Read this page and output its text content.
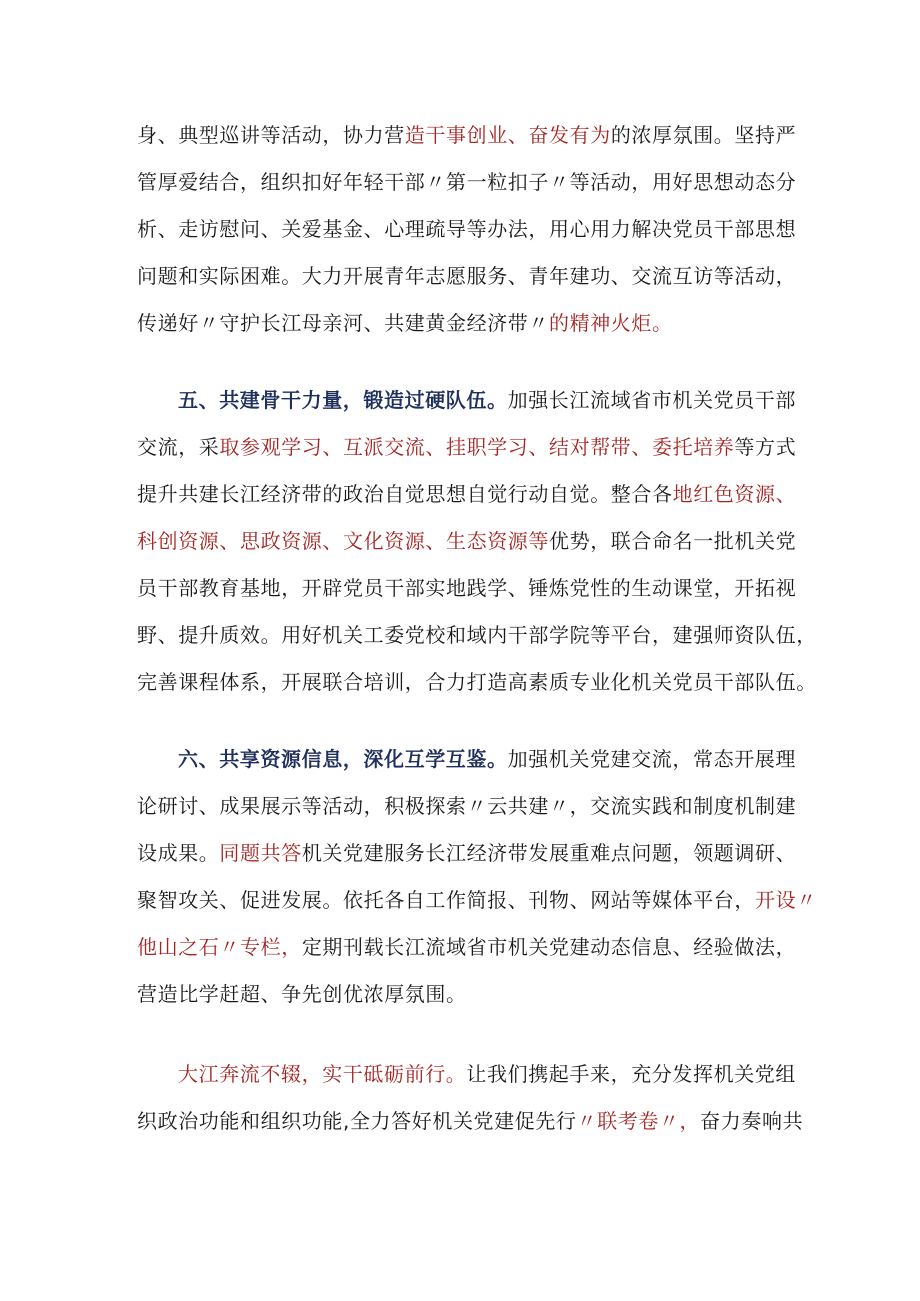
身、典型巡讲等活动，协力营造干事创业、奋发有为的浓厚氛围。坚持严
管厚爱结合，组织扣好年轻干部〃第一粒扣子〃等活动，用好思想动态分
析、走访慰问、关爱基金、心理疏导等办法，用心用力解决党员干部思想
问题和实际困难。大力开展青年志愿服务、青年建功、交流互访等活动，
传递好〃守护长江母亲河、共建黄金经济带〃的精神火炬。
五、共建骨干力量，锻造过硬队伍。加强长江流域省市机关党员干部
交流，采取参观学习、互派交流、挂职学习、结对帮带、委托培养等方式
提升共建长江经济带的政治自觉思想自觉行动自觉。整合各地红色资源、
科创资源、思政资源、文化资源、生态资源等优势，联合命名一批机关党
员干部教育基地，开辟党员干部实地践学、锤炼党性的生动课堂，开拓视
野、提升质效。用好机关工委党校和域内干部学院等平台，建强师资队伍，
完善课程体系，开展联合培训，合力打造高素质专业化机关党员干部队伍。
六、共享资源信息，深化互学互鉴。加强机关党建交流，常态开展理
论研讨、成果展示等活动，积极探索〃云共建〃，交流实践和制度机制建
设成果。同题共答机关党建服务长江经济带发展重难点问题，领题调研、
聚智攻关、促进发展。依托各自工作简报、刊物、网站等媒体平台，开设〃
他山之石〃专栏，定期刊载长江流域省市机关党建动态信息、经验做法，
营造比学赶超、争先创优浓厚氛围。
大江奔流不辍，实干砥砺前行。让我们携起手来，充分发挥机关党组
织政治功能和组织功能,全力答好机关党建促先行〃联考卷〃，奋力奏响共
